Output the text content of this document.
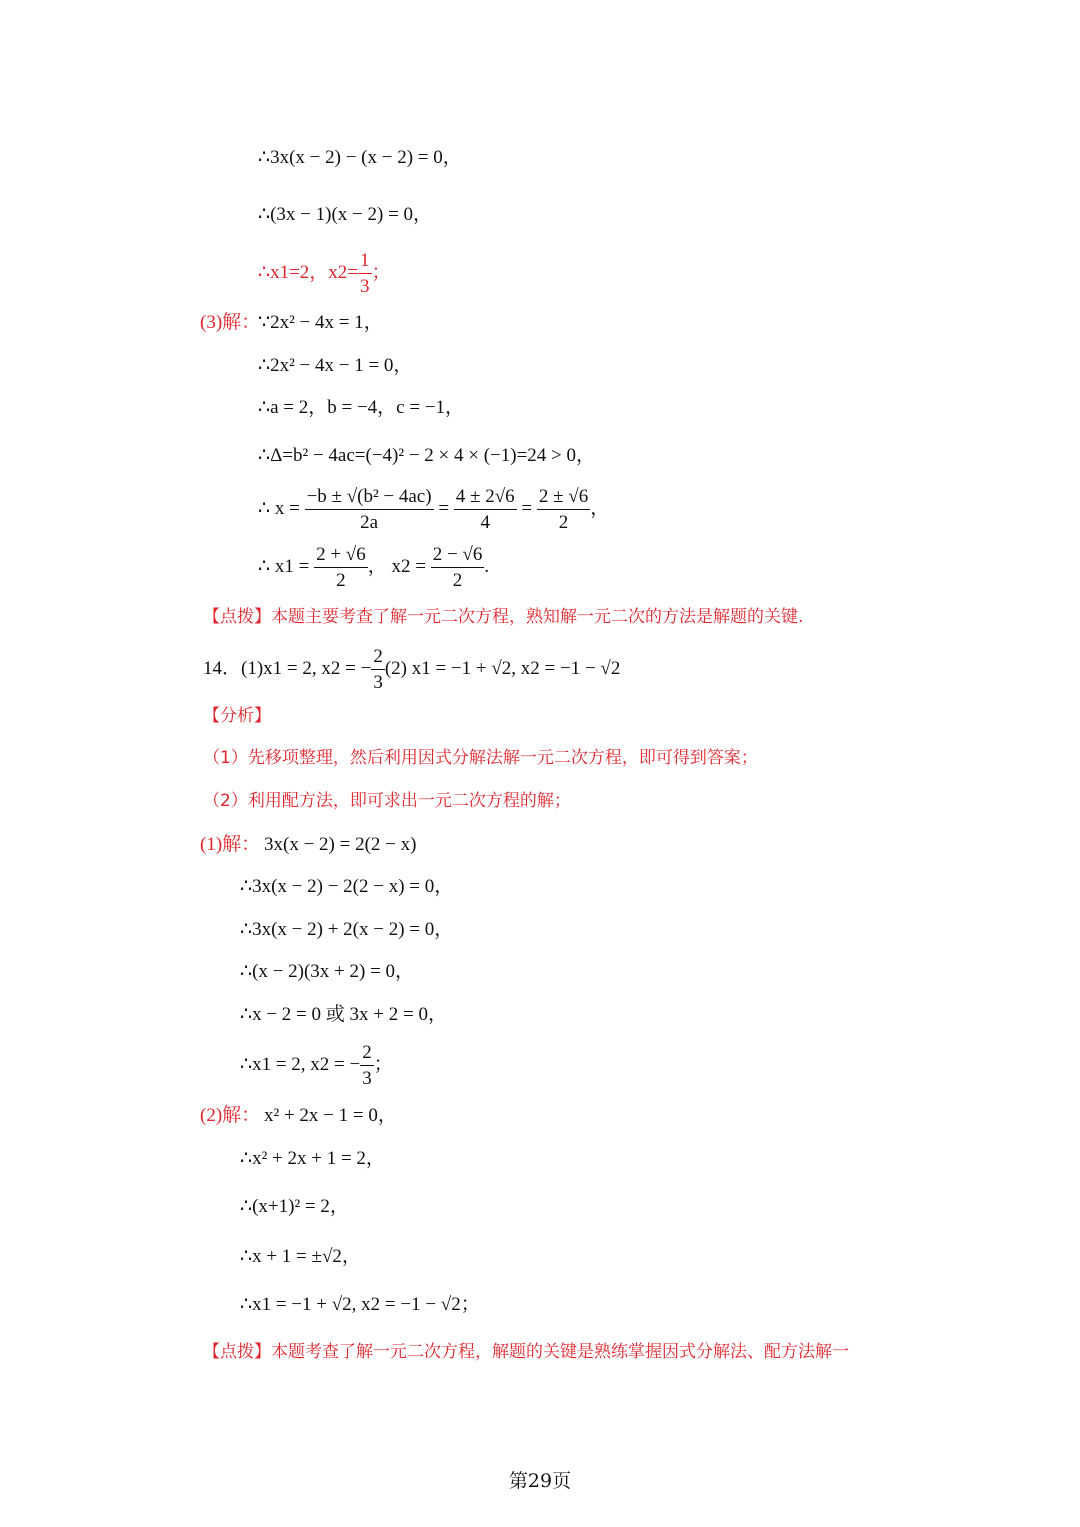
∴3x(x − 2) − (x − 2) = 0，
∴(3x − 1)(x − 2) = 0，
∴x1=2，$x2= \frac{1}{3}$ ；
(3)解：
∵2x² − 4x = 1，
∴2x² − 4x − 1 = 0，
∴a = 2，b = −4，c = −1，
∴Δ=b² − 4ac=(−4)² − 2 × 4 × (−1)=24 > 0，
∴ $x = \frac{\text{−b ± √(b² − 4ac)}}{2a} = \frac{4 \pm 2√6}{4} = \frac{2 \pm √6}{2}$ ，
∴ $x1 = \frac{2 + √6}{2}$ ， $x2 = \frac{2 - √6}{2}$ .
【点拨】本题主要考查了解一元二次方程，熟知解一元二次的方法是解题的关键.
14．(1)x1 = 2, x2 = − $\frac{2}{3} (2) x1 = -1 + √2$, x2 = −1 − √2
【分析】
（1）先移项整理，然后利用因式分解法解一元二次方程，即可得到答案；
（2）利用配方法，即可求出一元二次方程的解；
(1)解： 3x(x − 2) = 2(2 − x)
∴3x(x − 2) − 2(2 − x) = 0，
∴3x(x − 2) + 2(x − 2) = 0，
∴(x − 2)(3x + 2) = 0，
∴x − 2 = 0 或 3x + 2 = 0，
∴x1 = 2, x2 = − $\frac{2}{3}$ ；
(2)解： x² + 2x − 1 = 0，
∴x² + 2x + 1 = 2，
∴(x+1)² = 2，
∴x + 1 = ±√2，
∴x1 = −1 + √2, x2 = −1 − √2；
【点拨】本题考查了解一元二次方程，解题的关键是熟练掌握因式分解法、配方法解一
第29页
